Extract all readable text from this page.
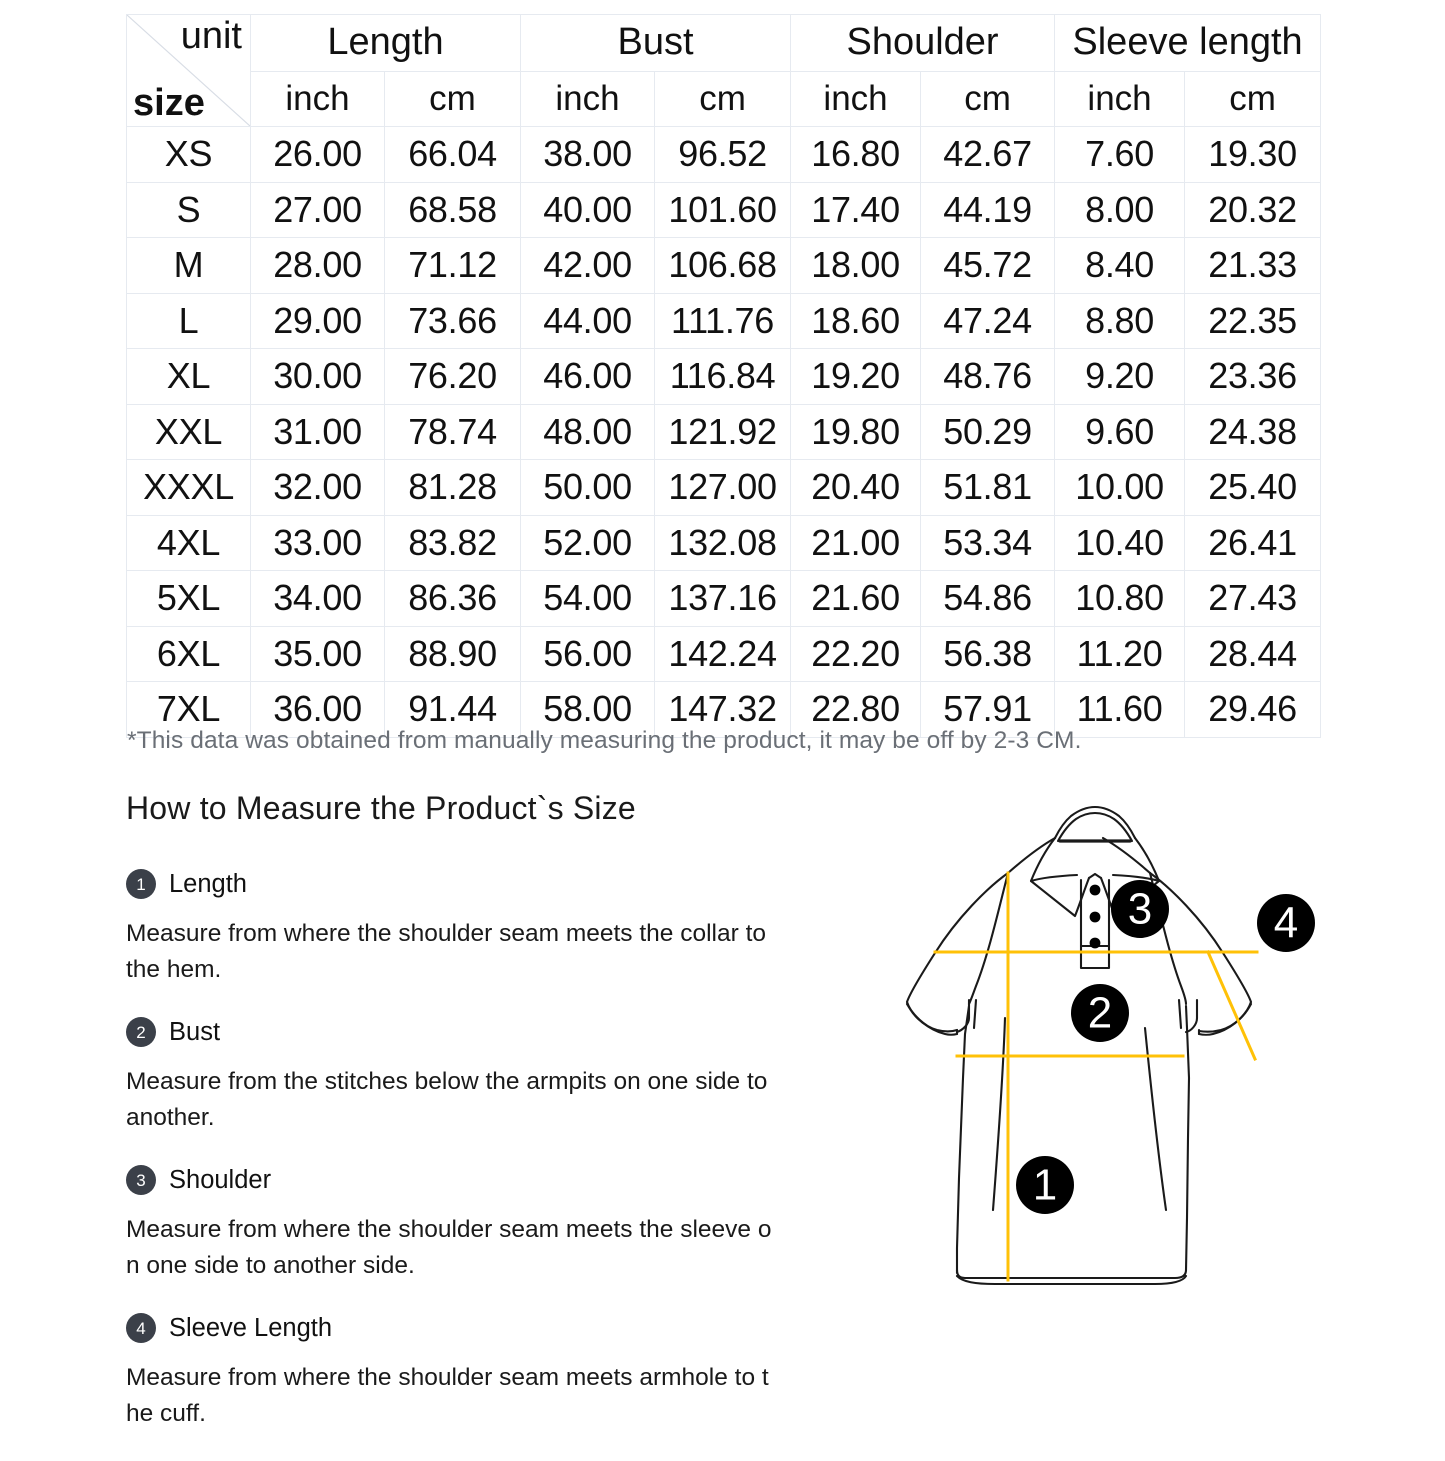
unit
size	Length		Bust		Shoulder		Sleeve length	
	inch	cm	inch	cm	inch	cm	inch	cm
XS	26.00	66.04	38.00	96.52	16.80	42.67	7.60	19.30
S	27.00	68.58	40.00	101.60	17.40	44.19	8.00	20.32
M	28.00	71.12	42.00	106.68	18.00	45.72	8.40	21.33
L	29.00	73.66	44.00	111.76	18.60	47.24	8.80	22.35
XL	30.00	76.20	46.00	116.84	19.20	48.76	9.20	23.36
XXL	31.00	78.74	48.00	121.92	19.80	50.29	9.60	24.38
XXXL	32.00	81.28	50.00	127.00	20.40	51.81	10.00	25.40
4XL	33.00	83.82	52.00	132.08	21.00	53.34	10.40	26.41
5XL	34.00	86.36	54.00	137.16	21.60	54.86	10.80	27.43
6XL	35.00	88.90	56.00	142.24	22.20	56.38	11.20	28.44
7XL	36.00	91.44	58.00	147.32	22.80	57.91	11.60	29.46
*This data was obtained from manually measuring the product, it may be off by 2-3 CM.
How to Measure the Product`s Size
1 Length
Measure from where the shoulder seam meets the collar to the hem.
2 Bust
Measure from the stitches below the armpits on one side to another.
3 Shoulder
Measure from where the shoulder seam meets the sleeve on one side to another side.
4 Sleeve Length
Measure from where the shoulder seam meets armhole to the cuff.
1
2
3	4
